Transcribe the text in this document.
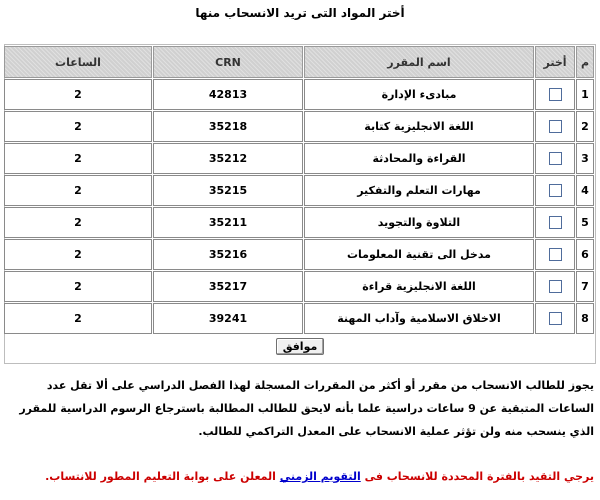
أختر المواد التى تريد الانسحاب منها
م	أختر	اسم المقرر	CRN	الساعات
1		مبادىء الإدارة	42813	2
2		اللغة الانجليزية كتابة	35218	2
3		القراءة والمحادثة	35212	2
4		مهارات التعلم والتفكير	35215	2
5		التلاوة والتجويد	35211	2
6		مدخل الى تقنية المعلومات	35216	2
7		اللغة الانجليزية قراءة	35217	2
8		الاخلاق الاسلامية وآداب المهنة	39241	2
موافق
يجوز للطالب الانسحاب من مقرر أو أكثر من المقررات المسجلة لهذا الفصل الدراسي على ألا تقل عدد الساعات المتبقية عن 9 ساعات دراسية علما بأنه لايحق للطالب المطالبة باسترجاع الرسوم الدراسية للمقرر الذي ينسحب منه ولن تؤثر عملية الانسحاب على المعدل التراكمي للطالب.
يرجي التقيد بالفترة المحددة للانسحاب فى التقويم الزمني المعلن على بوابة التعليم المطور للانتساب.
